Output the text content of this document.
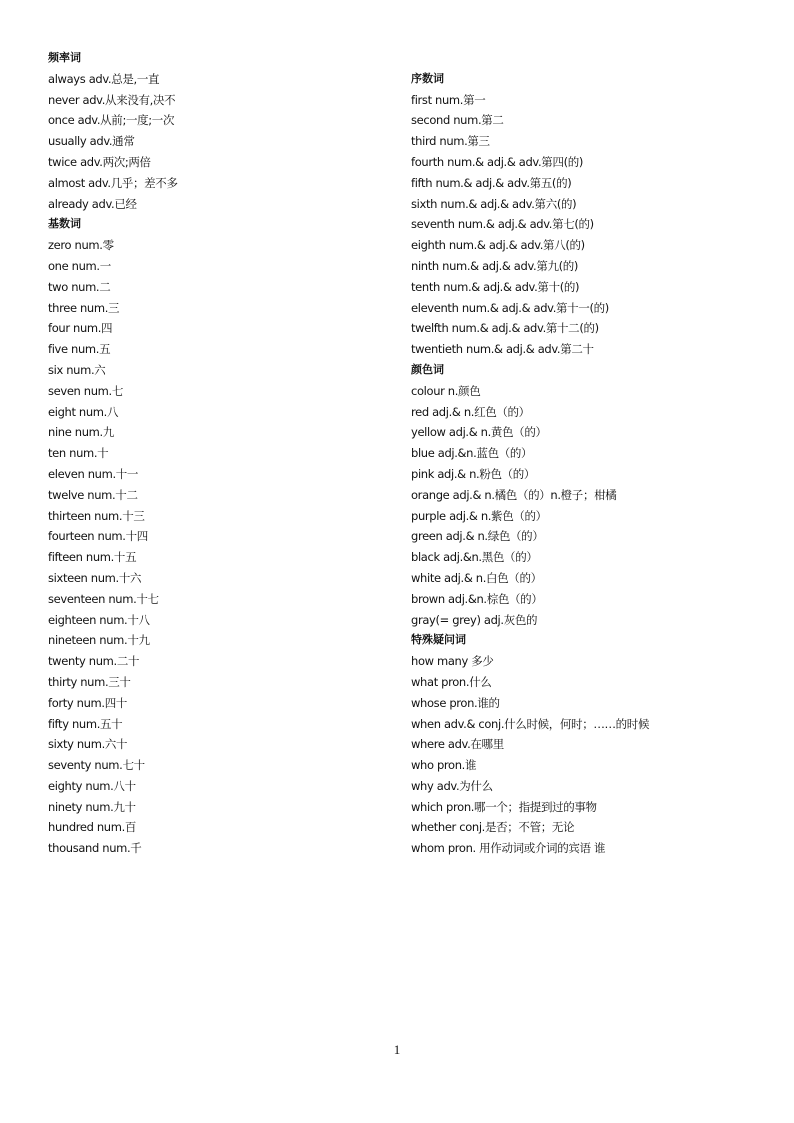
频率词
always adv.总是,一直
never adv.从来没有,决不
once adv.从前;一度;一次
usually adv.通常
twice adv.两次;两倍
almost adv.几乎；差不多
already adv.已经
基数词
zero num.零
one num.一
two num.二
three num.三
four num.四
five num.五
six num.六
seven num.七
eight num.八
nine num.九
ten num.十
eleven num.十一
twelve num.十二
thirteen num.十三
fourteen num.十四
fifteen num.十五
sixteen num.十六
seventeen num.十七
eighteen num.十八
nineteen num.十九
twenty num.二十
thirty num.三十
forty num.四十
fifty num.五十
sixty num.六十
seventy num.七十
eighty num.八十
ninety num.九十
hundred num.百
thousand num.千
序数词
first num.第一
second num.第二
third num.第三
fourth num.& adj.& adv.第四(的)
fifth num.& adj.& adv.第五(的)
sixth num.& adj.& adv.第六(的)
seventh num.& adj.& adv.第七(的)
eighth num.& adj.& adv.第八(的)
ninth num.& adj.& adv.第九(的)
tenth num.& adj.& adv.第十(的)
eleventh num.& adj.& adv.第十一(的)
twelfth num.& adj.& adv.第十二(的)
twentieth num.& adj.& adv.第二十
颜色词
colour n.颜色
red adj.& n.红色（的）
yellow adj.& n.黄色（的）
blue adj.&n.蓝色（的）
pink adj.& n.粉色（的）
orange adj.& n.橘色（的）n.橙子；柑橘
purple adj.& n.紫色（的）
green adj.& n.绿色（的）
black adj.&n.黑色（的）
white adj.& n.白色（的）
brown adj.&n.棕色（的）
gray(= grey) adj.灰色的
特殊疑问词
how many 多少
what pron.什么
whose pron.谁的
when adv.& conj.什么时候，何时；……的时候
where adv.在哪里
who pron.谁
why adv.为什么
which pron.哪一个；指提到过的事物
whether conj.是否；不管；无论
whom pron. 用作动词或介词的宾语 谁
1
